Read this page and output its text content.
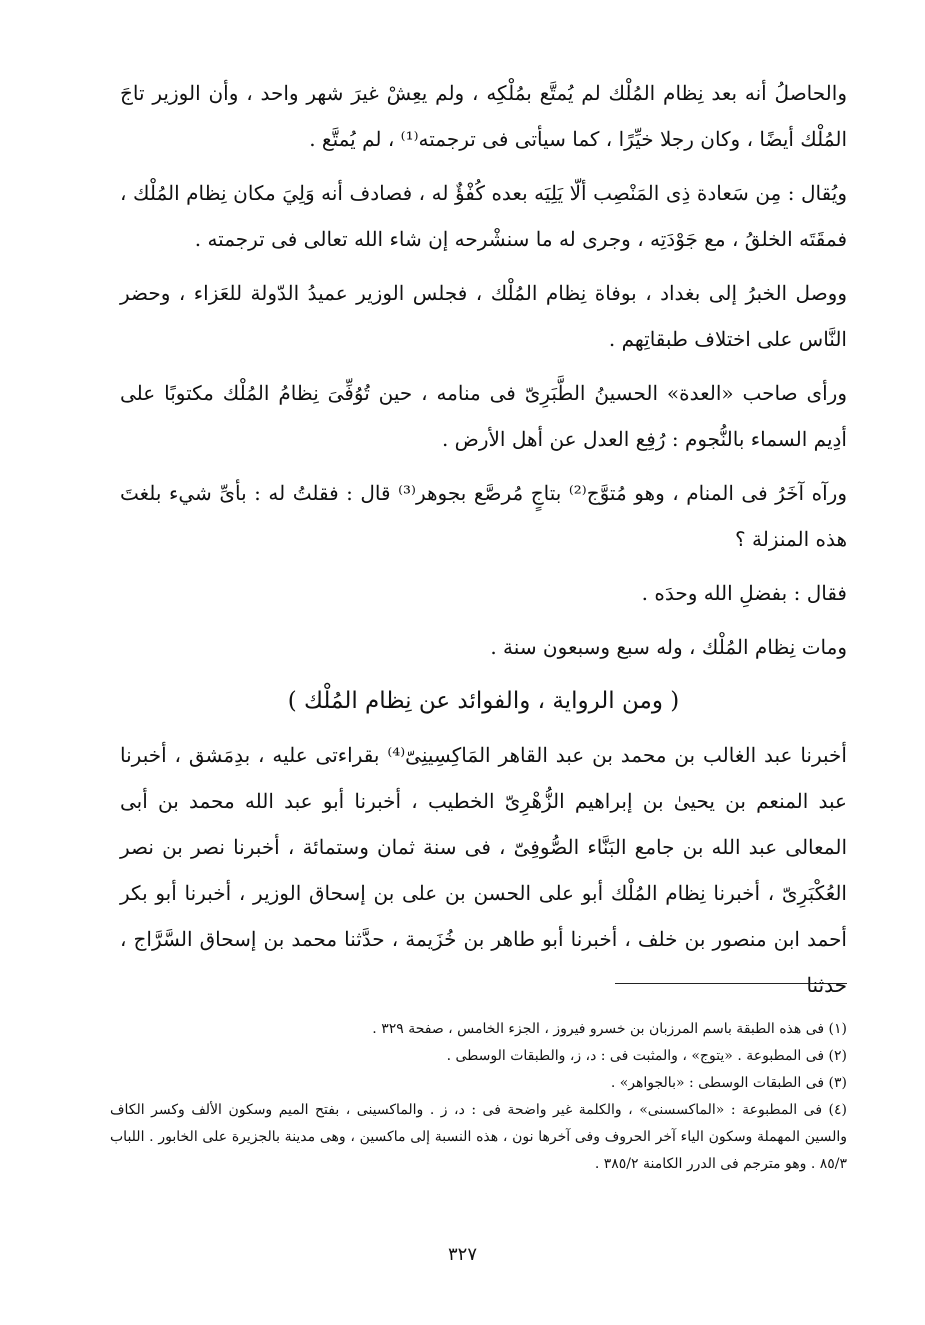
والحاصلُ أنه بعد نِظام المُلْك لم يُمتَّع بمُلْكِه ، ولم يعِشْ غيرَ شهر واحد ، وأن الوزير تاجَ المُلْك أيضًا ، وكان رجلا خيِّرًا ، كما سيأتى فى ترجمته⁽¹⁾ ، لم يُمتَّع .

ويُقال : مِن سَعادة ذِى المَنْصِب ألّا يَلِيَه بعده كُفْؤٌ له ، فصادف أنه وَلِيَ مكان نِظام المُلْك ، فمقَتَه الخلقُ ، مع جَوْدَتِه ، وجرى له ما سنشْرحه إن شاء الله تعالى فى ترجمته .

ووصل الخبرُ إلى بغداد ، بوفاة نِظام المُلْك ، فجلس الوزير عميدُ الدّولة للعَزاء ، وحضر النَّاس على اختلاف طبقاتِهم .

ورأى صاحب «العدة» الحسينُ الطَّبَرِىّ فى منامه ، حين تُوُفِّىَ نِظامُ المُلْك مكتوبًا على أدِيم السماء بالنُّجوم : رُفِع العدل عن أهل الأرض .

ورآه آخَرُ فى المنام ، وهو مُتوَّج⁽²⁾ بتاجٍ مُرصَّع بجوهر⁽³⁾ قال : فقلتُ له : بأىِّ شيء بلغتَ هذه المنزلة ؟

فقال : بفضلِ الله وحدَه .

ومات نِظام المُلْك ، وله سبع وسبعون سنة .

( ومن الرواية ، والفوائد عن نِظام المُلْك )

أخبرنا عبد الغالب بن محمد بن عبد القاهر المَاكِسِينِىّ⁽⁴⁾ بقراءتى عليه ، بدِمَشق ، أخبرنا عبد المنعم بن يحيىٰ بن إبراهيم الزُّهْرِىّ الخطيب ، أخبرنا أبو عبد الله محمد بن أبى المعالى عبد الله بن جامع البَنَّاء الصُّوفِىّ ، فى سنة ثمان وستمائة ، أخبرنا نصر بن نصر العُكْبَرِىّ ، أخبرنا نِظام المُلْك أبو على الحسن بن على بن إسحاق الوزير ، أخبرنا أبو بكر أحمد ابن منصور بن خلف ، أخبرنا أبو طاهر بن خُزَيمة ، حدَّثنا محمد بن إسحاق السَّرَّاج ، حدثنا

(١) فى هذه الطبقة باسم المرزبان بن خسرو فيروز ، الجزء الخامس ، صفحة ٣٢٩ .

(٢) فى المطبوعة . «يتوج» ، والمثبت فى : د، ز، والطبقات الوسطى .

(٣) فى الطبقات الوسطى : «بالجواهر» .

(٤) فى المطبوعة : «الماكسسنى» ، والكلمة غير واضحة فى : د، ز . والماكسينى ، بفتح الميم وسكون الألف وكسر الكاف والسين المهملة وسكون الياء آخر الحروف وفى آخرها نون ، هذه النسبة إلى ماكسين ، وهى مدينة بالجزيرة على الخابور . اللباب ٨٥/٣ . وهو مترجم فى الدرر الكامنة ٣٨٥/٢ .

٣٢٧
